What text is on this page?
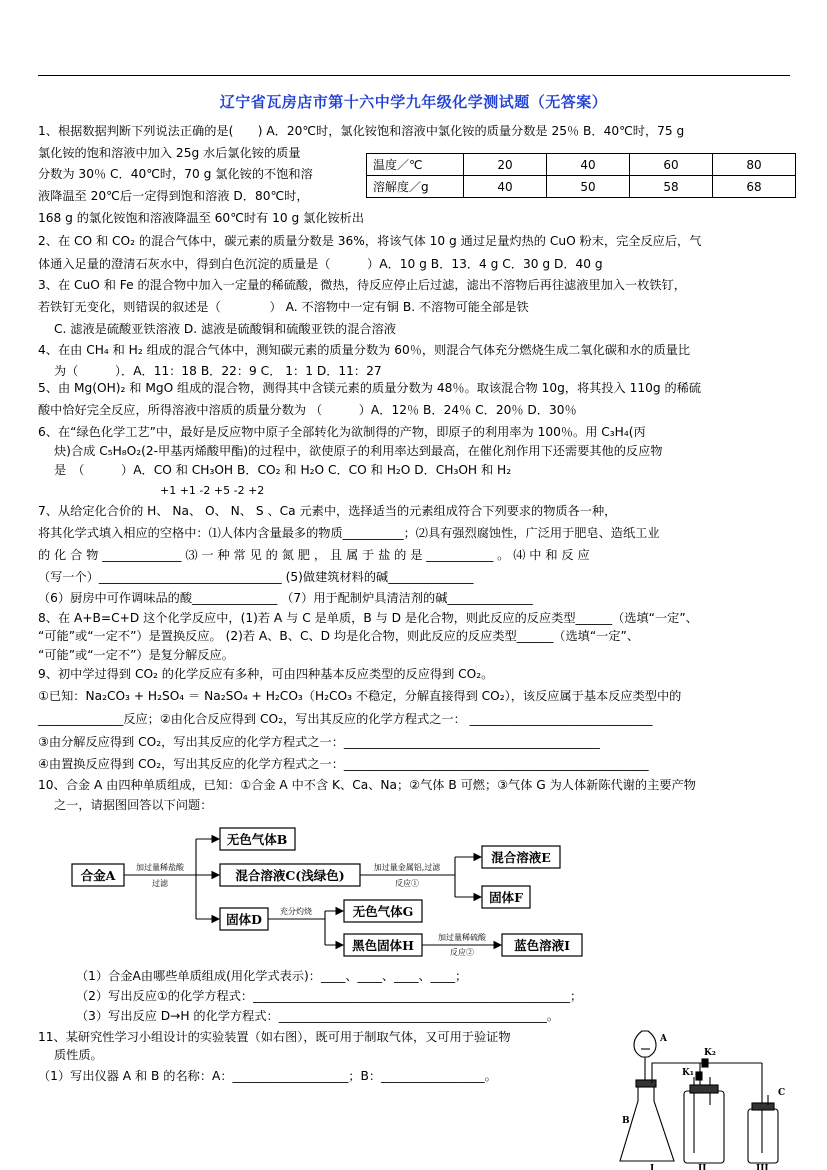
辽宁省瓦房店市第十六中学九年级化学测试题（无答案）
1、根据数据判断下列说法正确的是(　　) A．20℃时，氯化铵饱和溶液中氯化铵的质量分数是 25％ B．40℃时，75 g
氯化铵的饱和溶液中加入 25g 水后氯化铵的质量
分数为 30％ C．40℃时，70 g 氯化铵的不饱和溶
液降温至 20℃后一定得到饱和溶液 D．80℃时，
168 g 的氯化铵饱和溶液降温至 60℃时有 10 g 氯化铵析出
温度／℃	20	40	60	80
溶解度／g	40	50	58	68
2、在 CO 和 CO₂ 的混合气体中，碳元素的质量分数是 36%，将该气体 10 g 通过足量灼热的 CuO 粉末，完全反应后，气
体通入足量的澄清石灰水中，得到白色沉淀的质量是（　　　）A．10 g B．13．4 g C．30 g D．40 g
3、在 CuO 和 Fe 的混合物中加入一定量的稀硫酸，微热，待反应停止后过滤，滤出不溶物后再往滤液里加入一枚铁钉，
若铁钉无变化，则错误的叙述是（　　　　） A. 不溶物中一定有铜 B. 不溶物可能全部是铁
C. 滤液是硫酸亚铁溶液 D. 滤液是硫酸铜和硫酸亚铁的混合溶液
4、在由 CH₄ 和 H₂ 组成的混合气体中，测知碳元素的质量分数为 60％，则混合气体充分燃烧生成二氧化碳和水的质量比
为（　　　）．A．11：18 B．22：9 C． 1：1 D．11：27
5、由 Mg(OH)₂ 和 MgO 组成的混合物，测得其中含镁元素的质量分数为 48％。取该混合物 10g，将其投入 110g 的稀硫
酸中恰好完全反应，所得溶液中溶质的质量分数为 （　　　）A．12％ B．24％ C．20％ D．30％
6、在“绿色化学工艺”中，最好是反应物中原子全部转化为欲制得的产物，即原子的利用率为 100％。用 C₃H₄(丙
炔)合成 C₅H₈O₂(2-甲基丙烯酸甲酯)的过程中，欲使原子的利用率达到最高，在催化剂作用下还需要其他的反应物
是　（　　　）A．CO 和 CH₃OH B．CO₂ 和 H₂O C．CO 和 H₂O D．CH₃OH 和 H₂
+1 +1 -2 +5 -2 +2
7、从给定化合价的 H、 Na、 O、 N、 S 、Ca 元素中，选择适当的元素组成符合下列要求的物质各一种，
将其化学式填入相应的空格中：⑴人体内含量最多的物质__________；⑵具有强烈腐蚀性，广泛用于肥皂、造纸工业
的 化 合 物 _____________ ⑶ 一 种 常 见 的 氮 肥 ， 且 属 于 盐 的 是 ___________ 。 ⑷ 中 和 反 应
（写一个）______________________________ (5)做建筑材料的碱______________
（6）厨房中可作调味品的酸______________ （7）用于配制炉具清洁剂的碱______________
8、在 A+B=C+D 这个化学反应中，(1)若 A 与 C 是单质，B 与 D 是化合物，则此反应的反应类型______（选填“一定”、
“可能”或“一定不”）是置换反应。 (2)若 A、B、C、D 均是化合物，则此反应的反应类型______（选填“一定”、
“可能”或“一定不”）是复分解反应。
9、初中学过得到 CO₂ 的化学反应有多种，可由四种基本反应类型的反应得到 CO₂。
①已知：Na₂CO₃ + H₂SO₄ ＝ Na₂SO₄ + H₂CO₃（H₂CO₃ 不稳定，分解直接得到 CO₂），该反应属于基本反应类型中的
______________反应；②由化合反应得到 CO₂，写出其反应的化学方程式之一： ______________________________
③由分解反应得到 CO₂，写出其反应的化学方程式之一：__________________________________________
④由置换反应得到 CO₂，写出其反应的化学方程式之一：__________________________________________________
10、合金 A 由四种单质组成，已知：①合金 A 中不含 K、Ca、Na；②气体 B 可燃；③气体 G 为人体新陈代谢的主要产物
之一，请据图回答以下问题：
合金A
无色气体B
混合溶液C(浅绿色)
固体D
混合溶液E
固体F
无色气体G
黑色固体H	蓝色溶液I
加过量稀盐酸
过滤
加过量金属铝,过滤
反应①
充分灼烧
加过量稀硫酸
反应②
（1）合金A由哪些单质组成(用化学式表示)：____、____、____、____；
（2）写出反应①的化学方程式：____________________________________________________；
（3）写出反应 D→H 的化学方程式：____________________________________________。
11、某研究性学习小组设计的实验装置（如右图），既可用于制取气体，又可用于验证物
质性质。
（1）写出仪器 A 和 B 的名称：A：___________________；B：_________________。
A
B
C
K₂
K₁
I	II	III
